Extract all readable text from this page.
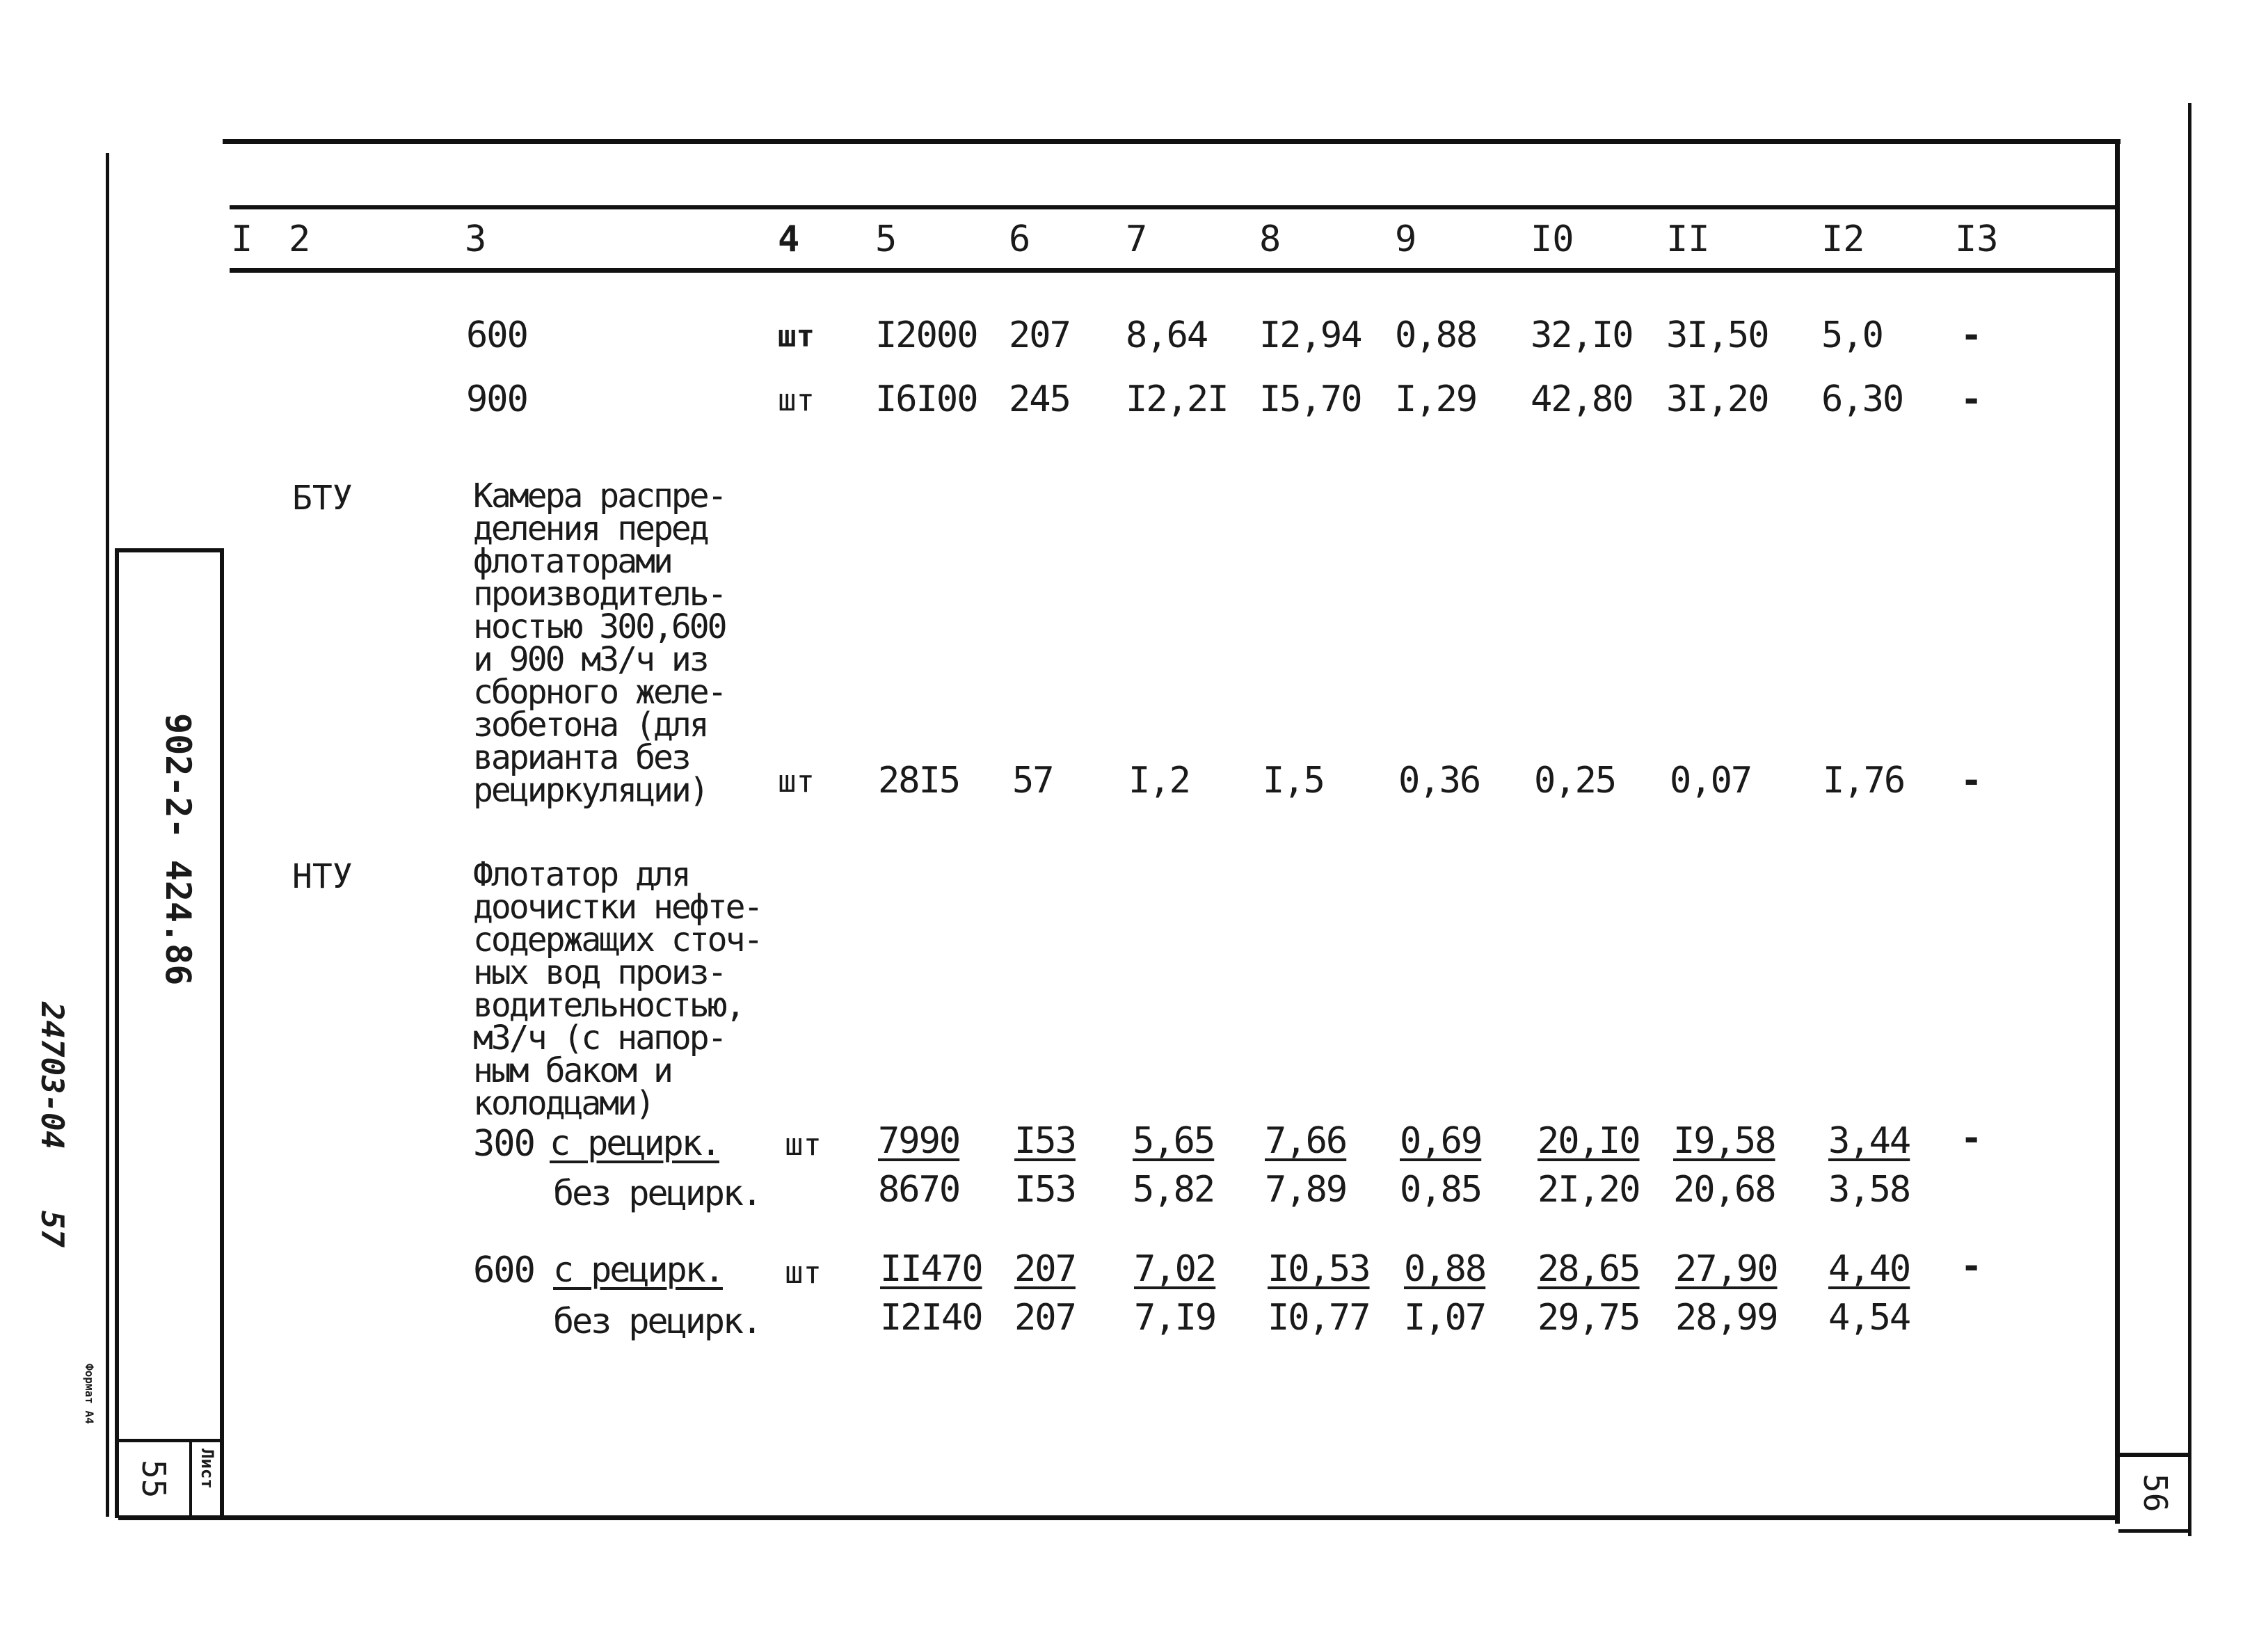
I 2	3	4 5	6	7	8	9	I0	II	I2 I3
600	шт I2000 207 8,64 I2,94 0,88 32,I0 3I,50 5,0 -
900	шт I6I00 245 I2,2I I5,70 I,29 42,80 3I,20 6,30 -
БТУ	Камера распре-
деления перед
флотаторами
производитель-
ностью 300,600
и 900 м3/ч из
сборного желе-
зобетона (для
варианта без
рециркуляции)	шт 28I5 57 I,2 I,5 0,36 0,25 0,07 I,76 -
НТУ	Флотатор для
доочистки нефте-
содержащих сточ-
ных вод произ-
водительностью,
м3/ч (с напор-
ным баком и
колодцами)
300 с рецирк. шт 7990 I53 5,65 7,66 0,69 20,I0 I9,58 3,44 -
без рецирк.	8670 I53 5,82 7,89 0,85 2I,20 20,68 3,58
600 с рецирк. шт II470 207 7,02 I0,53 0,88 28,65 27,90 4,40 -
без рецирк.	I2I40 207 7,I9 I0,77 I,07 29,75 28,99 4,54
902-2- 424.86
55 Лист
24703-04
57
Формат А4
56
